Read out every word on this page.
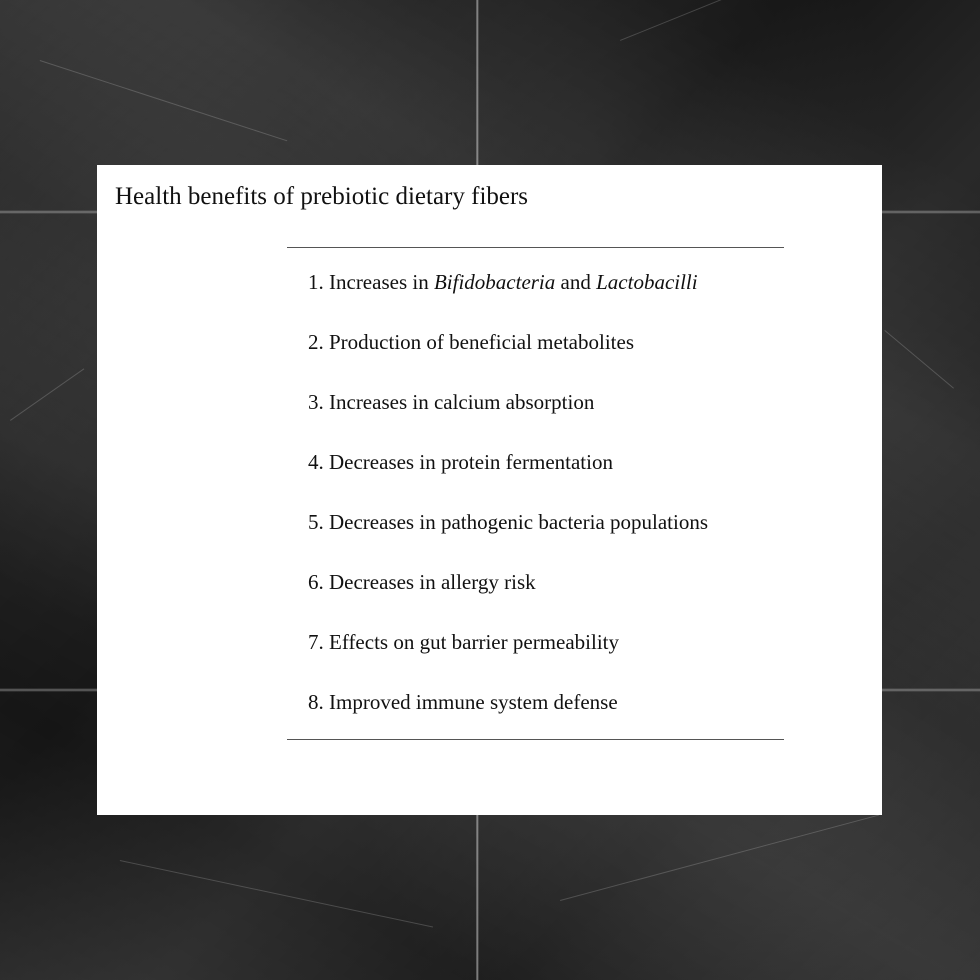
Health benefits of prebiotic dietary fibers
1. Increases in Bifidobacteria and Lactobacilli
2. Production of beneficial metabolites
3. Increases in calcium absorption
4. Decreases in protein fermentation
5. Decreases in pathogenic bacteria populations
6. Decreases in allergy risk
7. Effects on gut barrier permeability
8. Improved immune system defense
